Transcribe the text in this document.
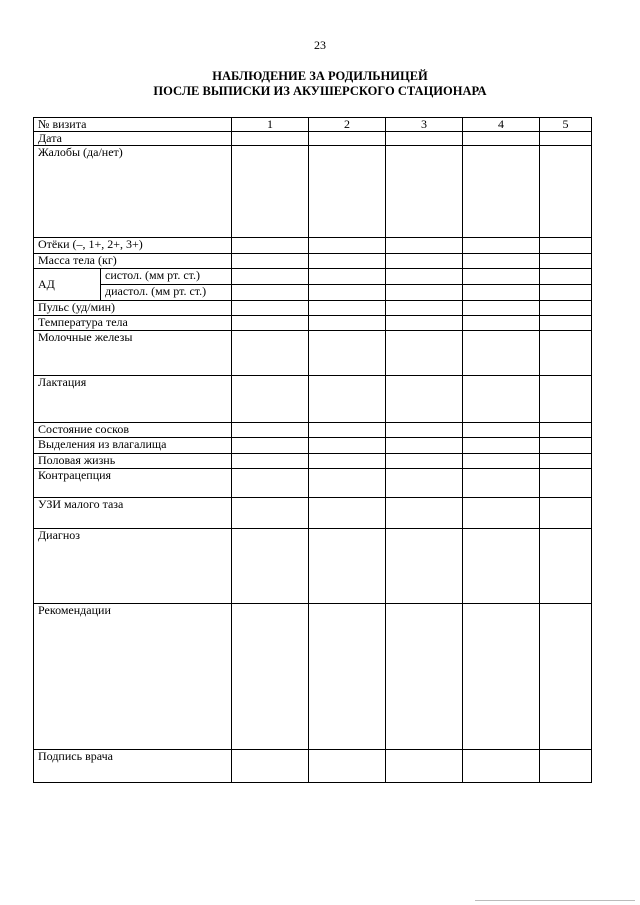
23
НАБЛЮДЕНИЕ ЗА РОДИЛЬНИЦЕЙ
ПОСЛЕ ВЫПИСКИ ИЗ АКУШЕРСКОГО СТАЦИОНАРА
№ визита		1	2	3	4	5
Дата						
Жалобы (да/нет)						
Отёки (–, 1+, 2+, 3+)						
Масса тела (кг)						
АД	систол. (мм рт. ст.)					
	диастол. (мм рт. ст.)					
Пульс (уд/мин)						
Температура тела						
Молочные железы						
Лактация						
Состояние сосков						
Выделения из влагалища						
Половая жизнь						
Контрацепция						
УЗИ малого таза						
Диагноз						
Рекомендации						
Подпись врача						
